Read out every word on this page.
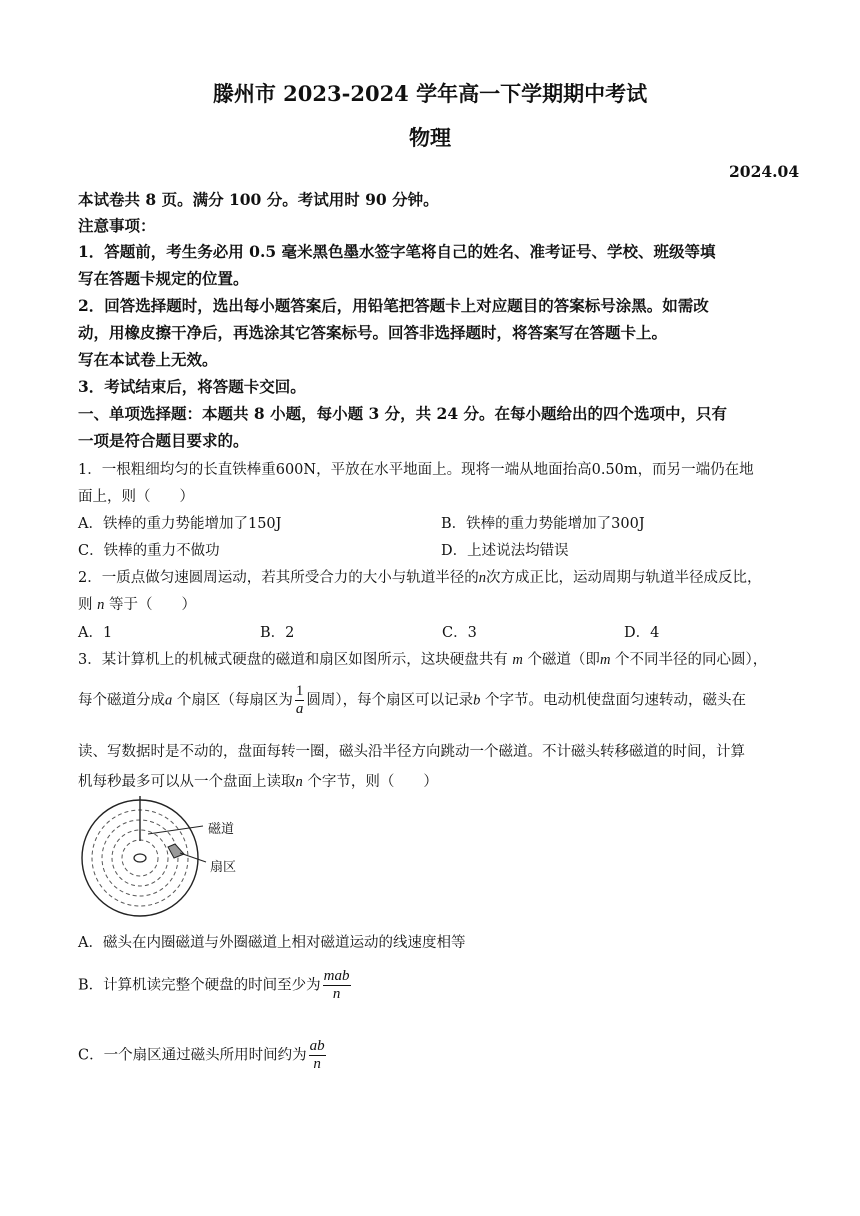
滕州市 2023-2024 学年高一下学期期中考试
物理
2024.04
本试卷共 8 页。满分 100 分。考试用时 90 分钟。
注意事项：
1．答题前，考生务必用 0.5 毫米黑色墨水签字笔将自己的姓名、准考证号、学校、班级等填
写在答题卡规定的位置。
2．回答选择题时，选出每小题答案后，用铅笔把答题卡上对应题目的答案标号涂黑。如需改
动，用橡皮擦干净后，再选涂其它答案标号。回答非选择题时，将答案写在答题卡上。
写在本试卷上无效。
3．考试结束后，将答题卡交回。
一、单项选择题：本题共 8 小题，每小题 3 分，共 24 分。在每小题给出的四个选项中，只有
一项是符合题目要求的。
1．一根粗细均匀的长直铁棒重600N，平放在水平地面上。现将一端从地面抬高0.50m，而另一端仍在地
面上，则（　　）
A．铁棒的重力势能增加了150J	B．铁棒的重力势能增加了300J
C．铁棒的重力不做功	D．上述说法均错误
2．一质点做匀速圆周运动，若其所受合力的大小与轨道半径的n次方成正比，运动周期与轨道半径成反比，
则 n 等于（　　）
A．1	B．2	C．3	D．4
3．某计算机上的机械式硬盘的磁道和扇区如图所示，这块硬盘共有 m 个磁道（即m 个不同半径的同心圆），
每个磁道分成a 个扇区（每扇区为 $\frac{1}{a}$ 圆周），每个扇区可以记录b 个字节。电动机使盘面匀速转动，磁头在
读、写数据时是不动的，盘面每转一圈，磁头沿半径方向跳动一个磁道。不计磁头转移磁道的时间，计算
机每秒最多可以从一个盘面上读取n 个字节，则（　　）
磁道
扇区
A．磁头在内圈磁道与外圈磁道上相对磁道运动的线速度相等
B．计算机读完整个硬盘的时间至少为 $\frac{\text{mab}}{n}$
C．一个扇区通过磁头所用时间约为 $\frac{ab}{n}$
